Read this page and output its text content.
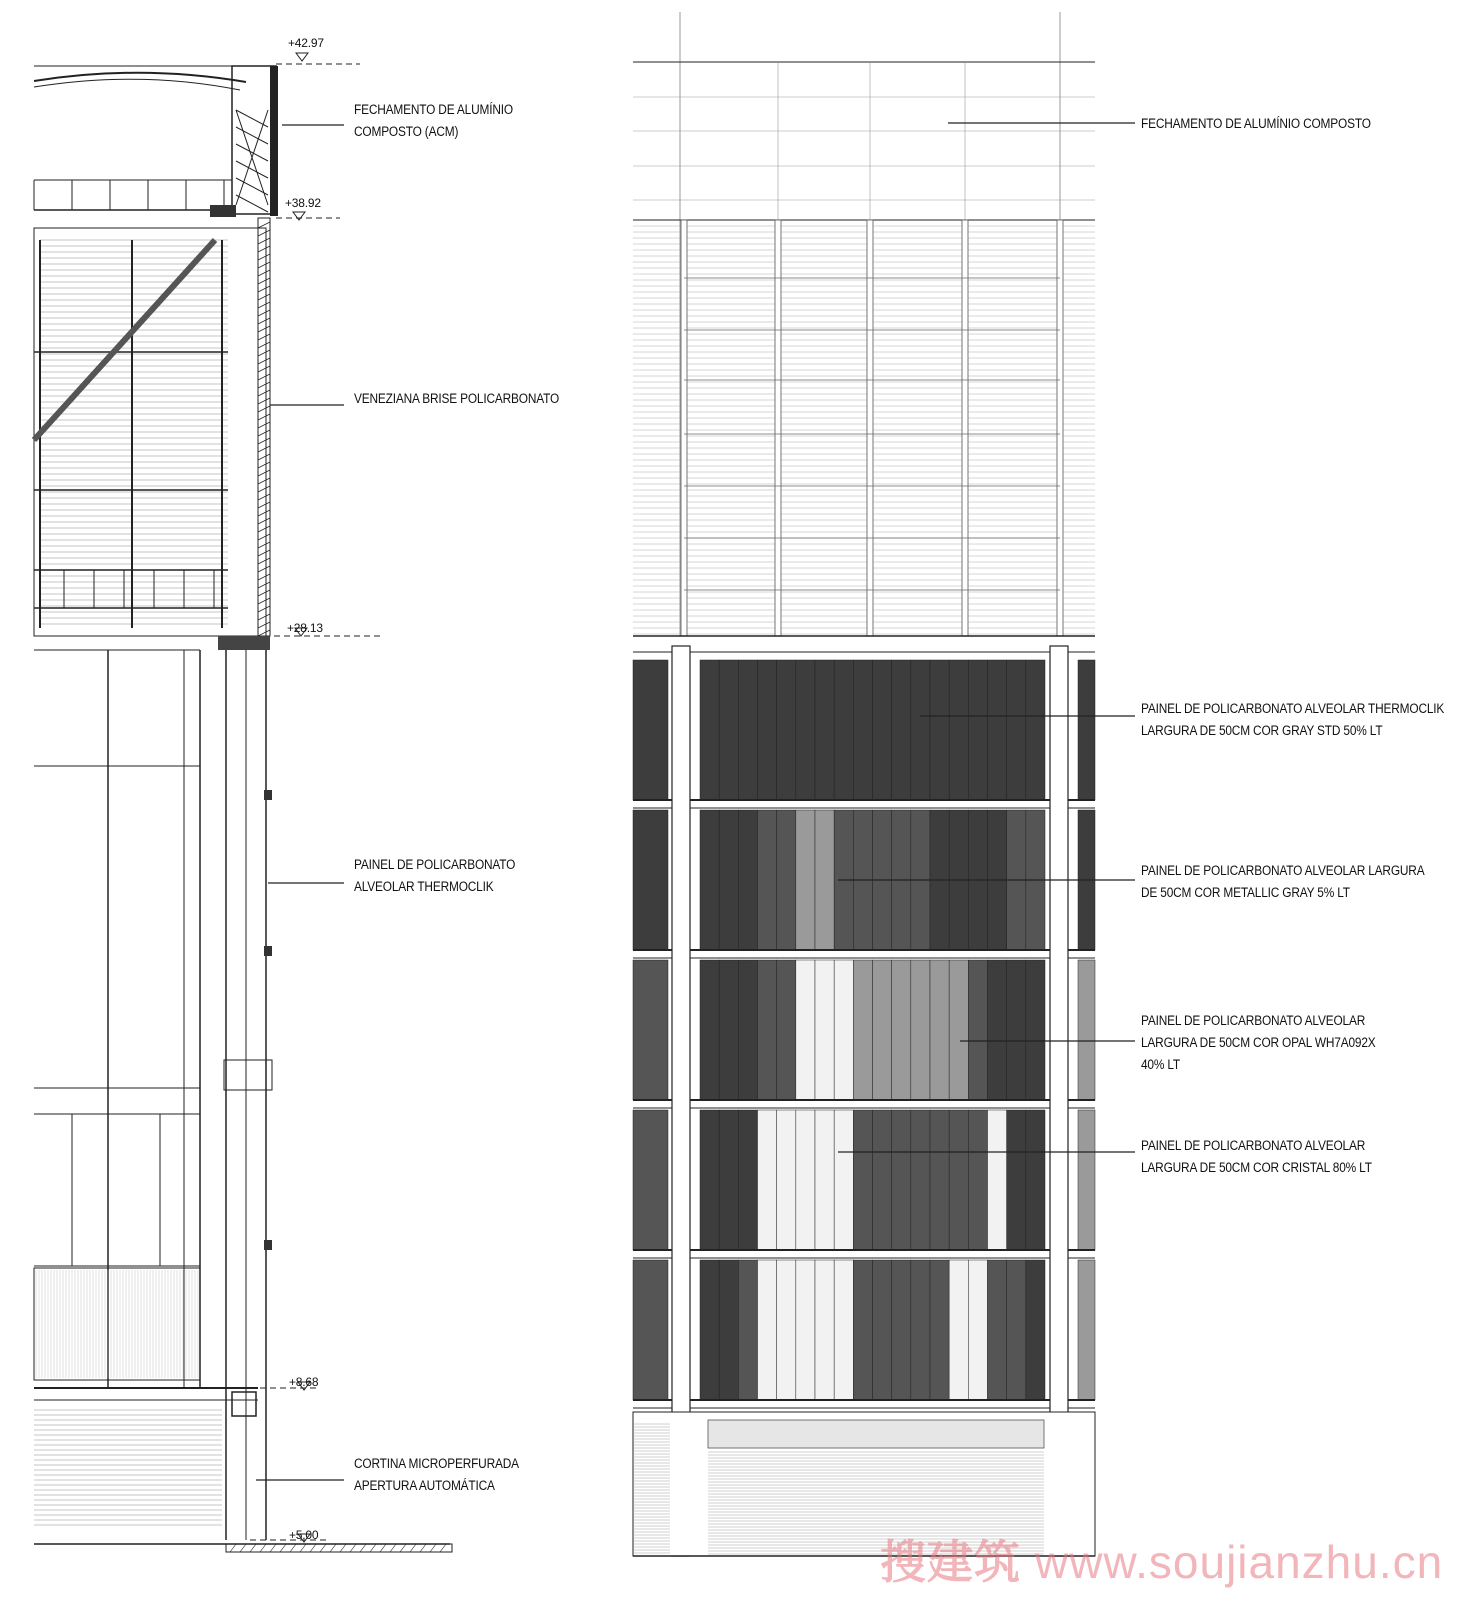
FECHAMENTO DE ALUMÍNIO
COMPOSTO (ACM)
VENEZIANA BRISE POLICARBONATO
PAINEL DE POLICARBONATO
ALVEOLAR THERMOCLIK
CORTINA MICROPERFURADA
APERTURA AUTOMÁTICA
+42.97
+38.92
+28.13
+8.68
+5.00
FECHAMENTO DE ALUMÍNIO COMPOSTO
PAINEL DE POLICARBONATO ALVEOLAR THERMOCLIK
LARGURA DE 50CM COR GRAY STD 50% LT
PAINEL DE POLICARBONATO ALVEOLAR LARGURA
DE 50CM COR METALLIC GRAY 5% LT
PAINEL DE POLICARBONATO ALVEOLAR
LARGURA DE 50CM COR OPAL WH7A092X
40% LT
PAINEL DE POLICARBONATO ALVEOLAR
LARGURA DE 50CM COR CRISTAL 80% LT
搜建筑 www.soujianzhu.cn
